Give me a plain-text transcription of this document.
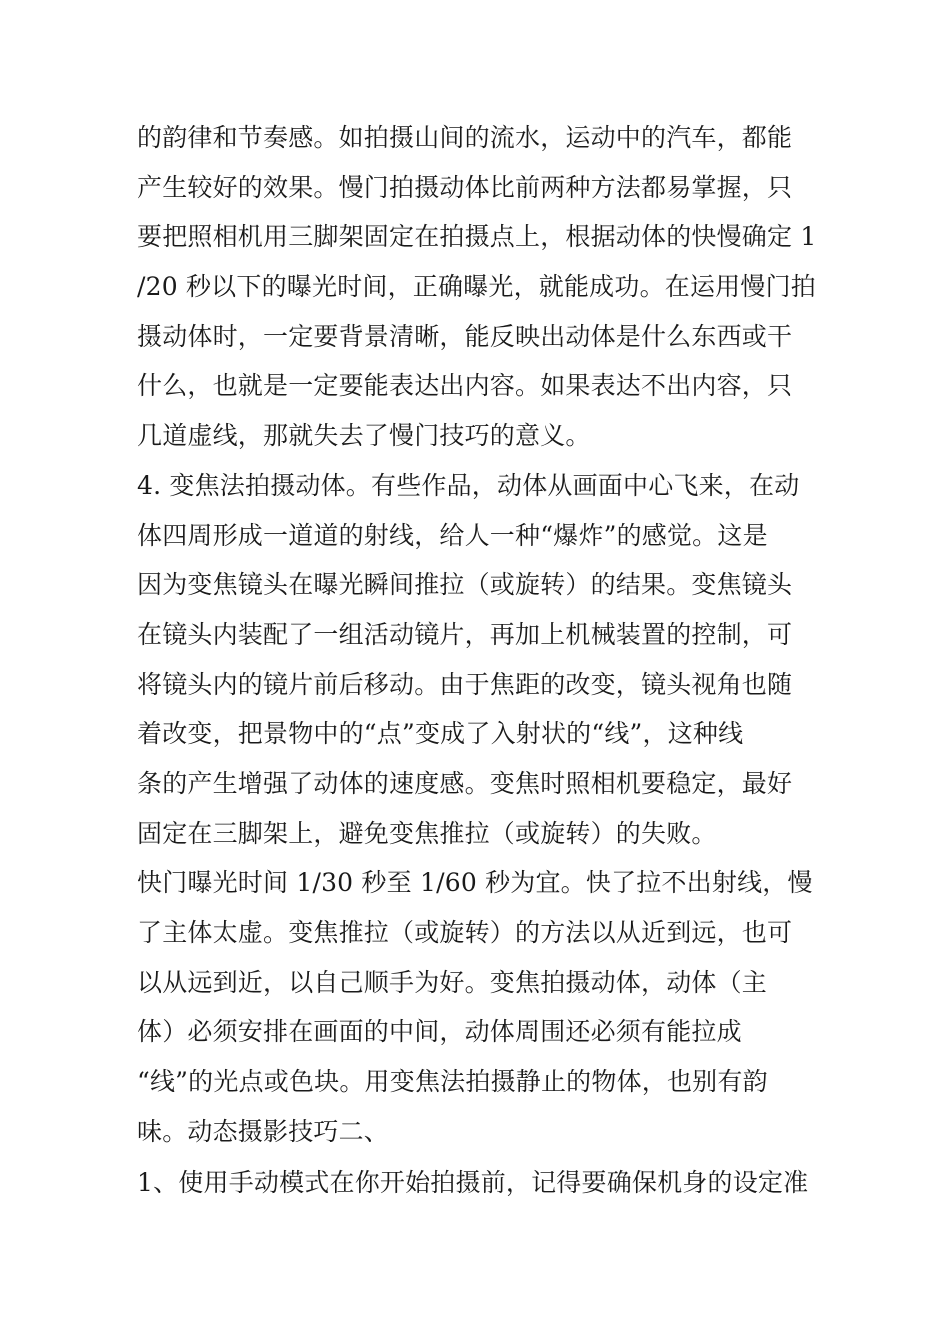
的韵律和节奏感。如拍摄山间的流水，运动中的汽车，都能
产生较好的效果。慢门拍摄动体比前两种方法都易掌握，只
要把照相机用三脚架固定在拍摄点上，根据动体的快慢确定 1
/20 秒以下的曝光时间，正确曝光，就能成功。在运用慢门拍
摄动体时，一定要背景清晰，能反映出动体是什么东西或干
什么，也就是一定要能表达出内容。如果表达不出内容，只
几道虚线，那就失去了慢门技巧的意义。
4. 变焦法拍摄动体。有些作品，动体从画面中心飞来，在动
体四周形成一道道的射线，给人一种“爆炸”的感觉。这是
因为变焦镜头在曝光瞬间推拉（或旋转）的结果。变焦镜头
在镜头内装配了一组活动镜片，再加上机械装置的控制，可
将镜头内的镜片前后移动。由于焦距的改变，镜头视角也随
着改变，把景物中的“点”变成了入射状的“线”，这种线
条的产生增强了动体的速度感。变焦时照相机要稳定，最好
固定在三脚架上，避免变焦推拉（或旋转）的失败。
快门曝光时间 1/30 秒至 1/60 秒为宜。快了拉不出射线，慢
了主体太虚。变焦推拉（或旋转）的方法以从近到远，也可
以从远到近，以自己顺手为好。变焦拍摄动体，动体（主
体）必须安排在画面的中间，动体周围还必须有能拉成
“线”的光点或色块。用变焦法拍摄静止的物体，也别有韵
味。动态摄影技巧二、
1、使用手动模式在你开始拍摄前，记得要确保机身的设定准
